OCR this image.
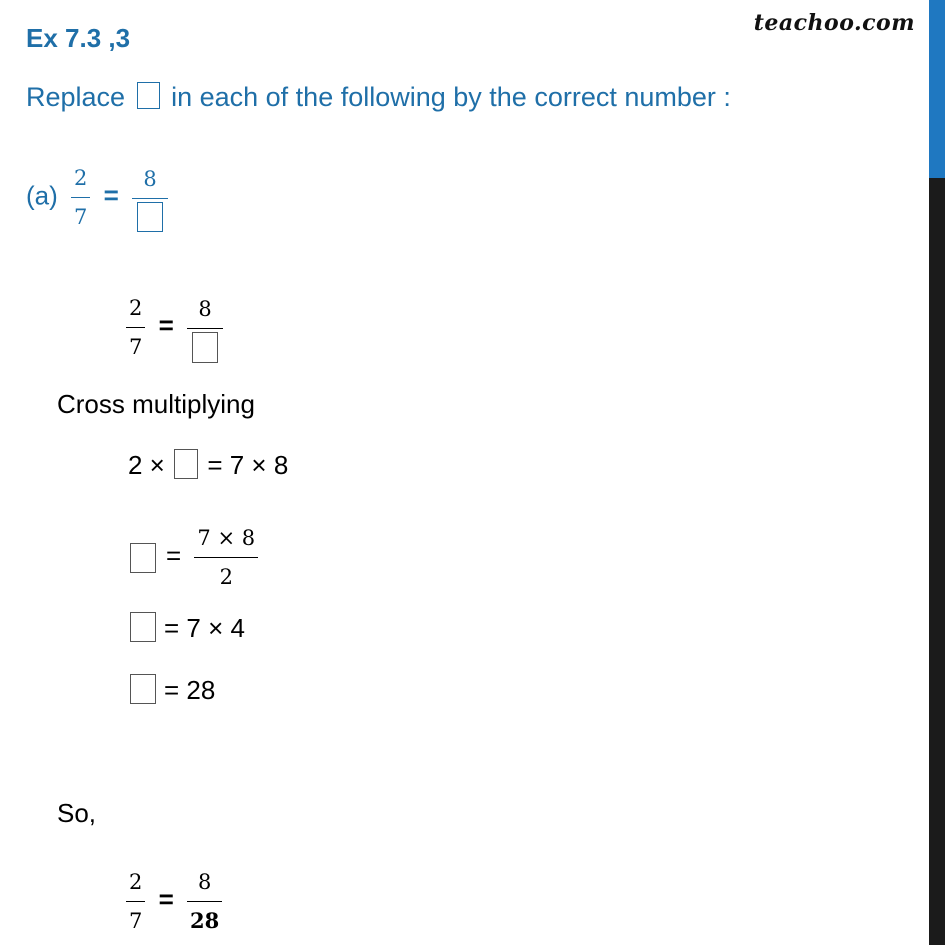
Ex 7.3 ,3	teachoo.com
Replace in each of the following by the correct number :
$(a) \frac{2}{7}$ =
8
$\frac{2}{7}$ =
8
Cross multiplying
2 × = 7 × 8
= $\frac{7 \times 8}{2}$
= 7 × 4
= 28
So,
$\frac{2}{7} = \frac{8}{28}$
